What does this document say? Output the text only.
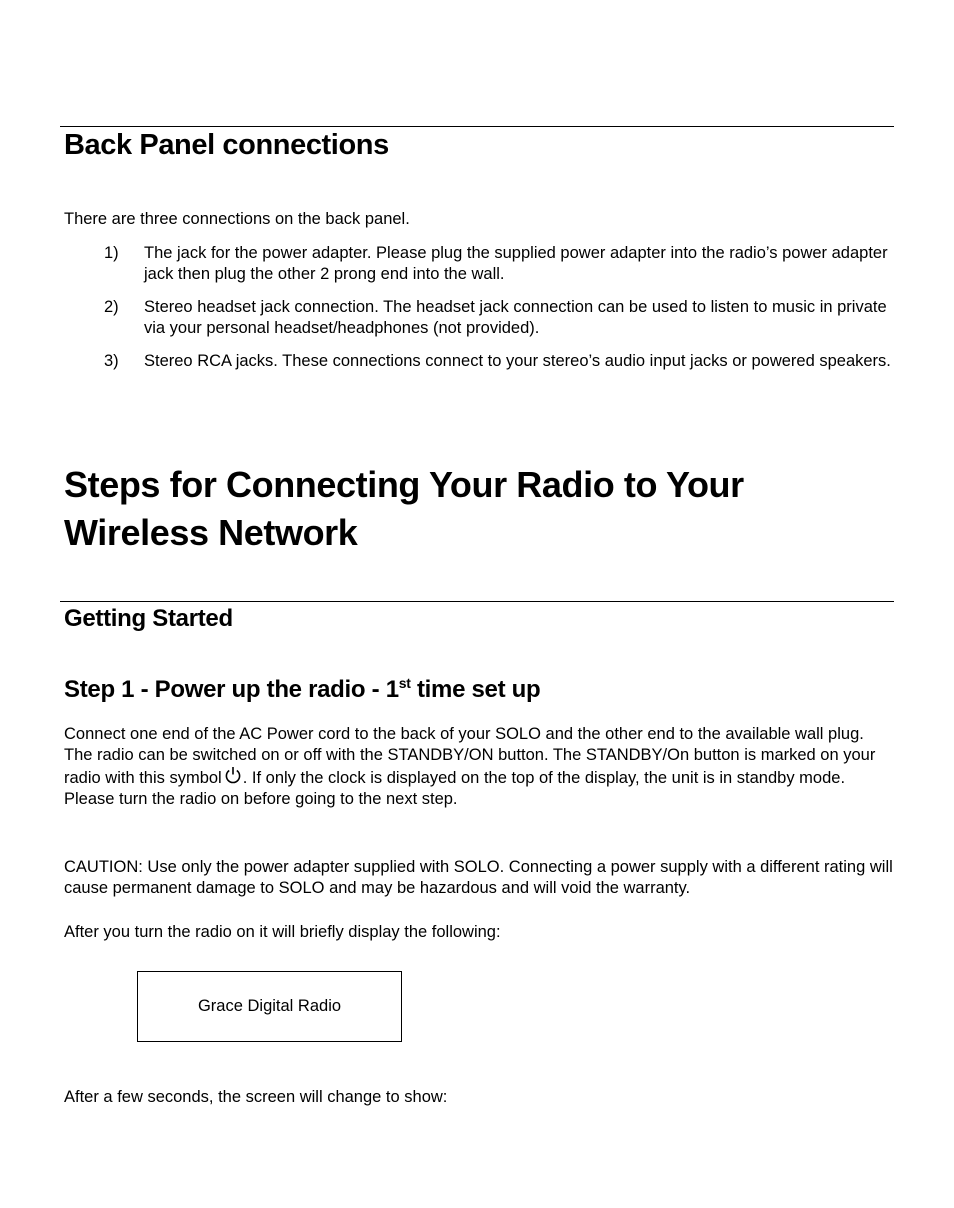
Back Panel connections

There are three connections on the back panel.

1) The jack for the power adapter. Please plug the supplied power adapter into the radio’s power adapter jack then plug the other 2 prong end into the wall.
2) Stereo headset jack connection. The headset jack connection can be used to listen to music in private via your personal headset/headphones (not provided).
3) Stereo RCA jacks. These connections connect to your stereo’s audio input jacks or powered speakers.
Steps for Connecting Your Radio to Your Wireless Network
Getting Started
Step 1 - Power up the radio - 1st time set up

Connect one end of the AC Power cord to the back of your SOLO and the other end to the available wall plug. The radio can be switched on or off with the STANDBY/ON button. The STANDBY/On button is marked on your radio with this symbol . If only the clock is displayed on the top of the display, the unit is in standby mode. Please turn the radio on before going to the next step.

CAUTION: Use only the power adapter supplied with SOLO. Connecting a power supply with a different rating will cause permanent damage to SOLO and may be hazardous and will void the warranty.

After you turn the radio on it will briefly display the following:

Grace Digital Radio

After a few seconds, the screen will change to show:
